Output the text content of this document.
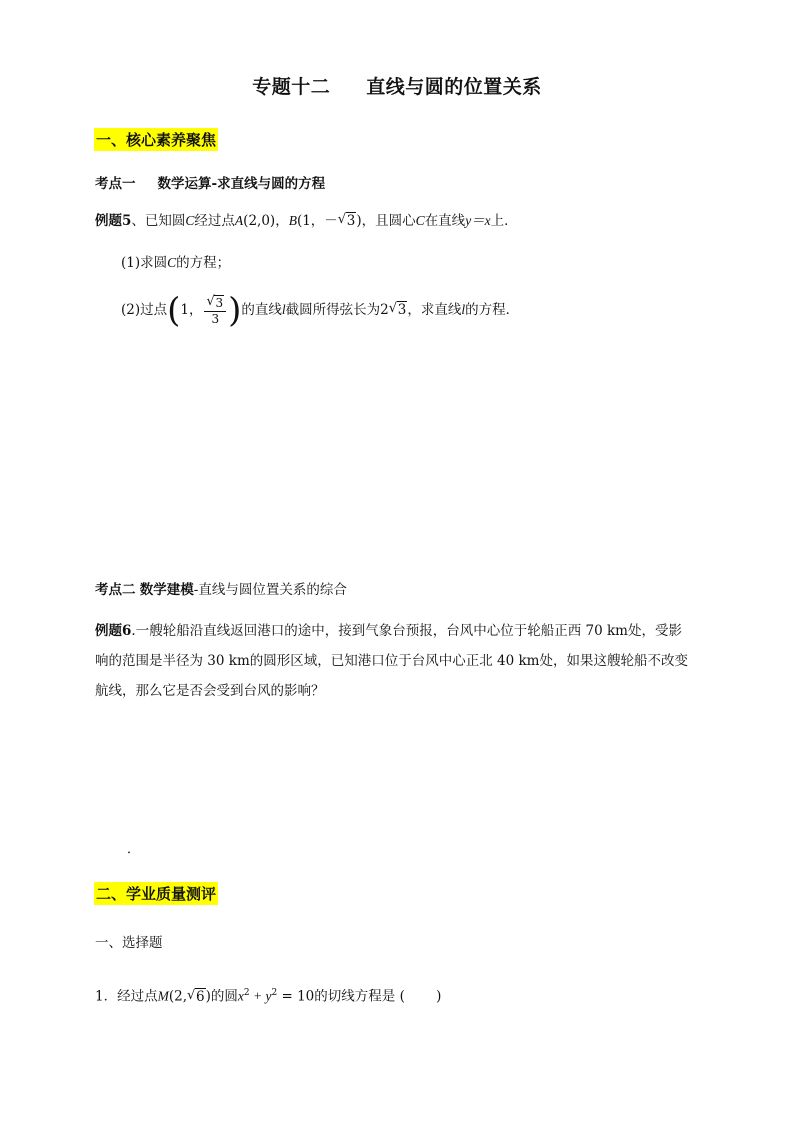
专题十二 直线与圆的位置关系
一、核心素养聚焦
考点一 数学运算-求直线与圆的方程
例题5、已知圆C经过点A(2,0)，B(1，－ √ 3)，且圆心C在直线y＝x上．
(1)求圆C的方程；
(2)过点(1， $\frac{√ 3}{3}$ )的直线l截圆所得弦长为2 √ 3，求直线l的方程．
考点二 数学建模-直线与圆位置关系的综合
例题6.一艘轮船沿直线返回港口的途中，接到气象台预报，台风中心位于轮船正西 70 km处，受影
响的范围是半径为 30 km的圆形区域，已知港口位于台风中心正北 40 km处，如果这艘轮船不改变
航线，那么它是否会受到台风的影响？
．
二、学业质量测评
一、选择题
1．经过点M(2, √ 6)的圆$x^2 + y^2 = 10$的切线方程是 (　　 )
